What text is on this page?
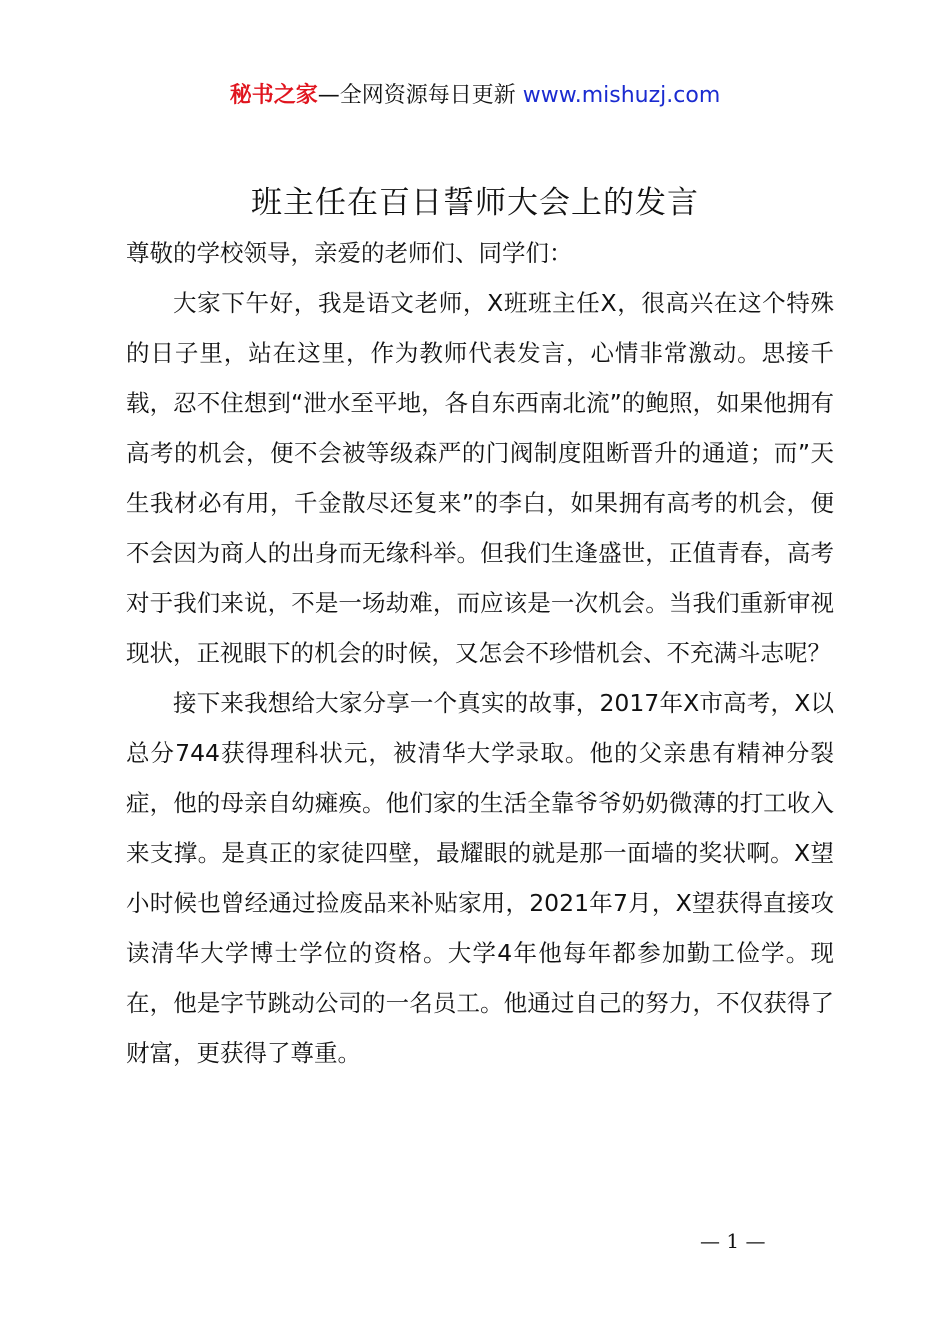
秘书之家—全网资源每日更新 www.mishuzj.com
班主任在百日誓师大会上的发言

尊敬的学校领导，亲爱的老师们、同学们：

大家下午好，我是语文老师，X班班主任X，很高兴在这个特殊的日子里，站在这里，作为教师代表发言，心情非常激动。思接千载，忍不住想到“泄水至平地，各自东西南北流”的鲍照，如果他拥有高考的机会，便不会被等级森严的门阀制度阻断晋升的通道；而”天生我材必有用，千金散尽还复来”的李白，如果拥有高考的机会，便不会因为商人的出身而无缘科举。但我们生逢盛世，正值青春，高考对于我们来说，不是一场劫难，而应该是一次机会。当我们重新审视现状，正视眼下的机会的时候，又怎会不珍惜机会、不充满斗志呢？

接下来我想给大家分享一个真实的故事，2017年X市高考，X以总分744获得理科状元，被清华大学录取。他的父亲患有精神分裂症，他的母亲自幼瘫痪。他们家的生活全靠爷爷奶奶微薄的打工收入来支撑。是真正的家徒四壁，最耀眼的就是那一面墙的奖状啊。X望小时候也曾经通过捡废品来补贴家用，2021年7月，X望获得直接攻读清华大学博士学位的资格。大学4年他每年都参加勤工俭学。现在，他是字节跳动公司的一名员工。他通过自己的努力，不仅获得了财富，更获得了尊重。

— 1 —
